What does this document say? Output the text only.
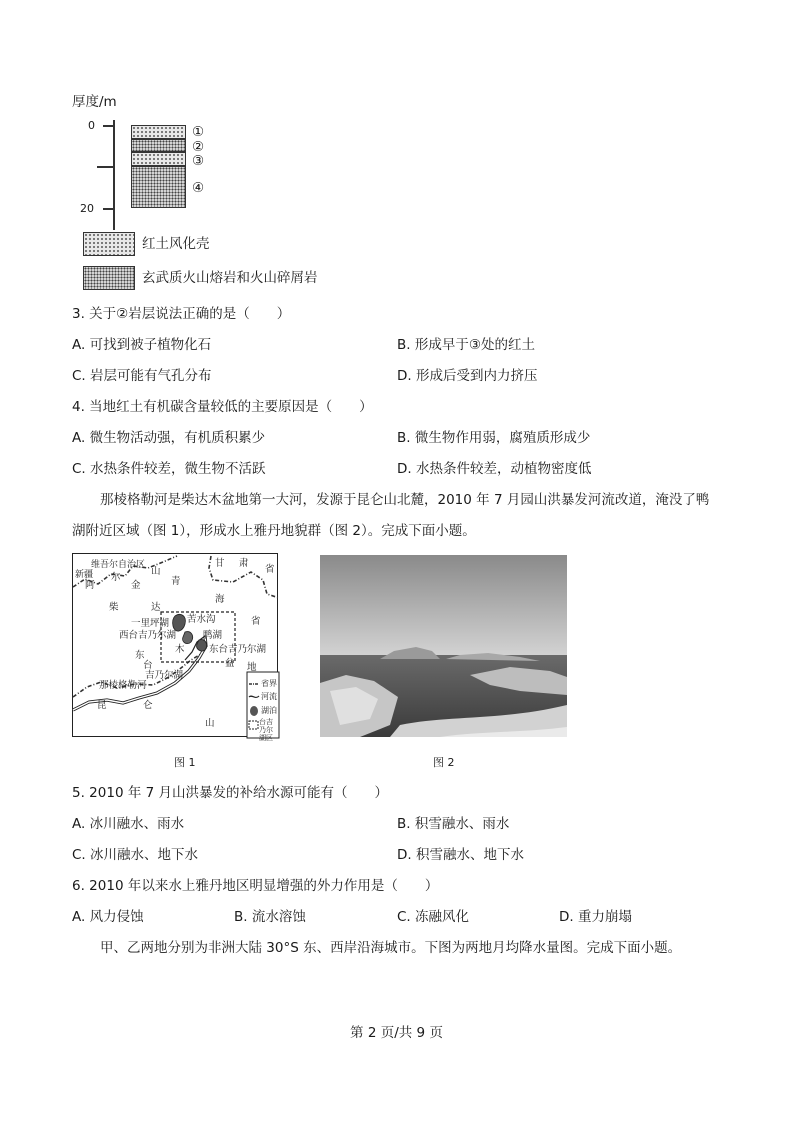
厚度/m
0
20
①
②
③
④
红土风化壳
玄武质火山熔岩和火山碎屑岩
3. 关于②岩层说法正确的是（　　）
A. 可找到被子植物化石	B. 形成早于③处的红土
C. 岩层可能有气孔分布	D. 形成后受到内力挤压
4. 当地红土有机碳含量较低的主要原因是（　　）
A. 微生物活动强，有机质积累少	B. 微生物作用弱，腐殖质形成少
C. 水热条件较差，微生物不活跃	D. 水热条件较差，动植物密度低
那棱格勒河是柴达木盆地第一大河，发源于昆仑山北麓，2010 年 7 月园山洪暴发河流改道，淹没了鸭
湖附近区域（图 1），形成水上雅丹地貌群（图 2）。完成下面小题。
新疆
维吾尔自治区
阿
尔
金
山
青
甘 肃
省
柴	达
海
省
一里坪湖 苦水沟
西台吉乃尔湖	鸭湖
木	东台吉乃尔湖
东
台
吉乃尔湖
盆 地
那棱格勒河
昆	仑
山
省界
河流
湖泊
台吉乃尔湖区
图 1	图 2
5. 2010 年 7 月山洪暴发的补给水源可能有（　　）
A. 冰川融水、雨水	B. 积雪融水、雨水
C. 冰川融水、地下水	D. 积雪融水、地下水
6. 2010 年以来水上雅丹地区明显增强的外力作用是（　　）
A. 风力侵蚀	B. 流水溶蚀	C. 冻融风化	D. 重力崩塌
甲、乙两地分别为非洲大陆 30°S 东、西岸沿海城市。下图为两地月均降水量图。完成下面小题。
第 2 页/共 9 页
